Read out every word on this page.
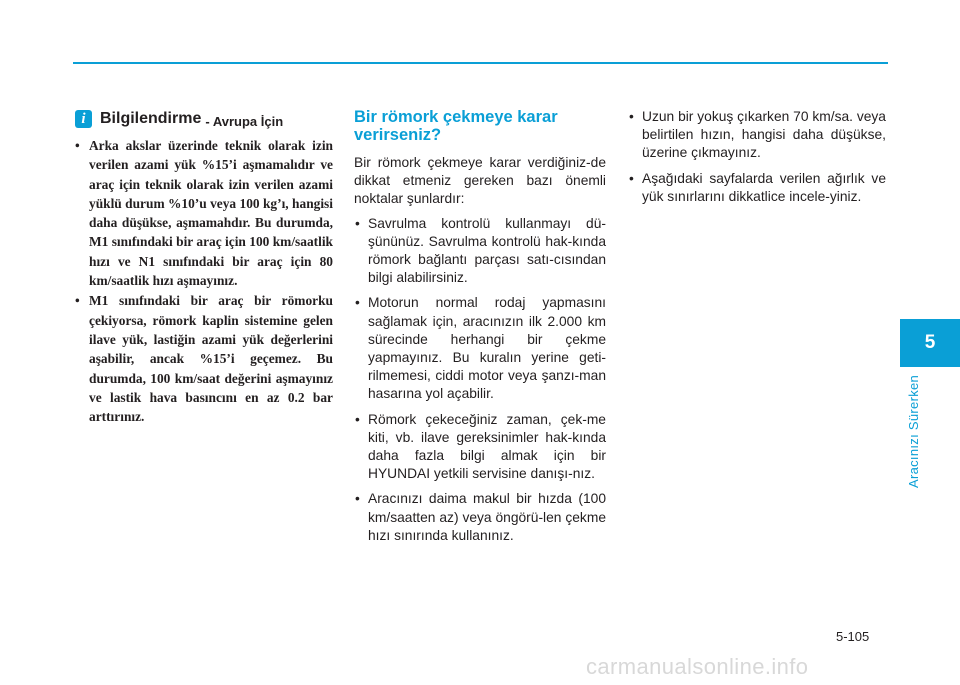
i Bilgilendirme - Avrupa İçin
• Arka akslar üzerinde teknik olarak izin verilen azami yük %15’i aşmamalıdır ve araç için teknik olarak izin verilen azami yüklü durum %10’u veya 100 kg’ı, hangisi daha düşükse, aşmamahdır. Bu durumda, M1 sınıfındaki bir araç için 100 km/saatlik hızı ve N1 sınıfındaki bir araç için 80 km/saatlik hızı aşmayınız.
• M1 sınıfındaki bir araç bir römorku çekiyorsa, römork kaplin sistemine gelen ilave yük, lastiğin azami yük değerlerini aşabilir, ancak %15’i geçemez. Bu durumda, 100 km/saat değerini aşmayınız ve lastik hava basıncını en az 0.2 bar arttırınız.
Bir römork çekmeye karar verirseniz?

Bir römork çekmeye karar verdiğiniz-de dikkat etmeniz gereken bazı önemli noktalar şunlardır:

• Savrulma kontrolü kullanmayı dü-şününüz. Savrulma kontrolü hak-kında römork bağlantı parçası satı-cısından bilgi alabilirsiniz.
• Motorun normal rodaj yapmasını sağlamak için, aracınızın ilk 2.000 km sürecinde herhangi bir çekme yapmayınız. Bu kuralın yerine geti-rilmemesi, ciddi motor veya şanzı-man hasarına yol açabilir.
• Römork çekeceğiniz zaman, çek-me kiti, vb. ilave gereksinimler hak-kında daha fazla bilgi almak için bir HYUNDAI yetkili servisine danışı-nız.
• Aracınızı daima makul bir hızda (100 km/saatten az) veya öngörü-len çekme hızı sınırında kullanınız.
• Uzun bir yokuş çıkarken 70 km/sa. veya belirtilen hızın, hangisi daha düşükse, üzerine çıkmayınız.
• Aşağıdaki sayfalarda verilen ağırlık ve yük sınırlarını dikkatlice incele-yiniz.
5
Aracınızı Sürerken
5-105
carmanualsonline.info
